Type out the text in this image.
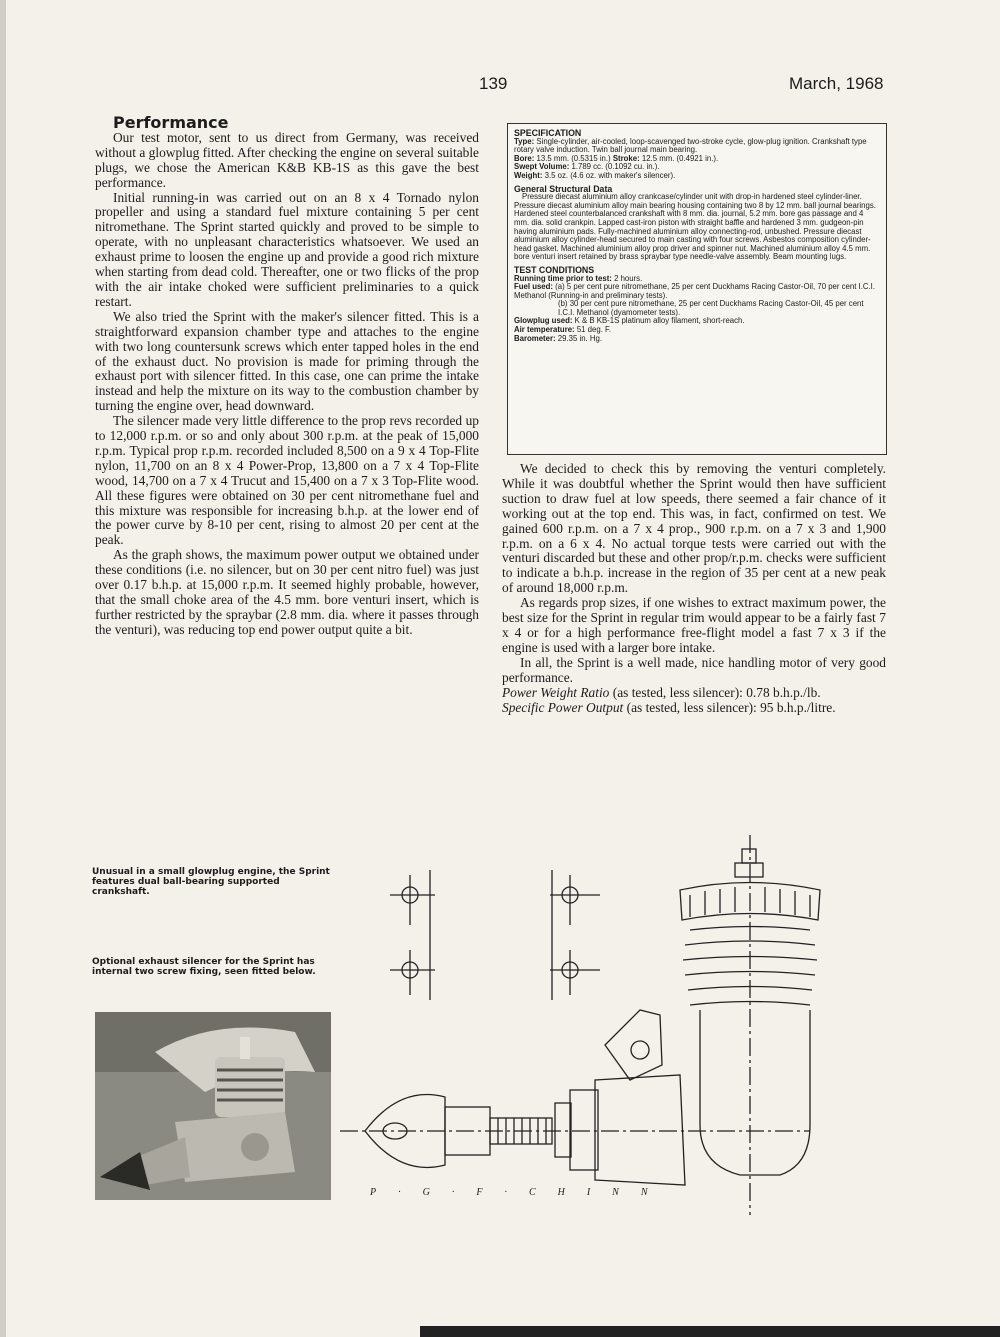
139	March, 1968

Performance

Our test motor, sent to us direct from Germany, was received without a glowplug fitted. After checking the engine on several suitable plugs, we chose the American K&B KB-1S as this gave the best performance.

Initial running-in was carried out on an 8 x 4 Tornado nylon propeller and using a standard fuel mixture containing 5 per cent nitromethane. The Sprint started quickly and proved to be simple to operate, with no unpleasant characteristics whatsoever. We used an exhaust prime to loosen the engine up and provide a good rich mixture when starting from dead cold. Thereafter, one or two flicks of the prop with the air intake choked were sufficient preliminaries to a quick restart.

We also tried the Sprint with the maker's silencer fitted. This is a straightforward expansion chamber type and attaches to the engine with two long countersunk screws which enter tapped holes in the end of the exhaust duct. No provision is made for priming through the exhaust port with silencer fitted. In this case, one can prime the intake instead and help the mixture on its way to the combustion chamber by turning the engine over, head downward.

The silencer made very little difference to the prop revs recorded up to 12,000 r.p.m. or so and only about 300 r.p.m. at the peak of 15,000 r.p.m. Typical prop r.p.m. recorded included 8,500 on a 9 x 4 Top-Flite nylon, 11,700 on an 8 x 4 Power-Prop, 13,800 on a 7 x 4 Top-Flite wood, 14,700 on a 7 x 4 Trucut and 15,400 on a 7 x 3 Top-Flite wood. All these figures were obtained on 30 per cent nitromethane fuel and this mixture was responsible for increasing b.h.p. at the lower end of the power curve by 8-10 per cent, rising to almost 20 per cent at the peak.

As the graph shows, the maximum power output we obtained under these conditions (i.e. no silencer, but on 30 per cent nitro fuel) was just over 0.17 b.h.p. at 15,000 r.p.m. It seemed highly probable, however, that the small choke area of the 4.5 mm. bore venturi insert, which is further restricted by the spraybar (2.8 mm. dia. where it passes through the venturi), was reducing top end power output quite a bit.

SPECIFICATION

Type: Single-cylinder, air-cooled, loop-scavenged two-stroke cycle, glow-plug ignition. Crankshaft type rotary valve induction. Twin ball journal main bearing.

Bore: 13.5 mm. (0.5315 in.) Stroke: 12.5 mm. (0.4921 in.).

Swept Volume: 1.789 cc. (0.1092 cu. in.).

Weight: 3.5 oz. (4.6 oz. with maker's silencer).

General Structural Data

Pressure diecast aluminium alloy crankcase/cylinder unit with drop-in hardened steel cylinder-liner. Pressure diecast aluminium alloy main bearing housing containing two 8 by 12 mm. ball journal bearings. Hardened steel counterbalanced crankshaft with 8 mm. dia. journal, 5.2 mm. bore gas passage and 4 mm. dia. solid crankpin. Lapped cast-iron piston with straight baffle and hardened 3 mm. gudgeon-pin having aluminium pads. Fully-machined aluminium alloy connecting-rod, unbushed. Pressure diecast aluminium alloy cylinder-head secured to main casting with four screws. Asbestos composition cylinder-head gasket. Machined aluminium alloy prop driver and spinner nut. Machined aluminium alloy 4.5 mm. bore venturi insert retained by brass spraybar type needle-valve assembly. Beam mounting lugs.

TEST CONDITIONS

Running time prior to test: 2 hours.

Fuel used: (a) 5 per cent pure nitromethane, 25 per cent Duckhams Racing Castor-Oil, 70 per cent I.C.I. Methanol (Running-in and preliminary tests).

(b) 30 per cent pure nitromethane, 25 per cent Duckhams Racing Castor-Oil, 45 per cent I.C.I. Methanol (dyamometer tests).

Glowplug used: K & B KB-1S platinum alloy filament, short-reach.

Air temperature: 51 deg. F.

Barometer: 29.35 in. Hg.

We decided to check this by removing the venturi completely. While it was doubtful whether the Sprint would then have sufficient suction to draw fuel at low speeds, there seemed a fair chance of it working out at the top end. This was, in fact, confirmed on test. We gained 600 r.p.m. on a 7 x 4 prop., 900 r.p.m. on a 7 x 3 and 1,900 r.p.m. on a 6 x 4. No actual torque tests were carried out with the venturi discarded but these and other prop/r.p.m. checks were sufficient to indicate a b.h.p. increase in the region of 35 per cent at a new peak of around 18,000 r.p.m.

As regards prop sizes, if one wishes to extract maximum power, the best size for the Sprint in regular trim would appear to be a fairly fast 7 x 4 or for a high performance free-flight model a fast 7 x 3 if the engine is used with a larger bore intake.

In all, the Sprint is a well made, nice handling motor of very good performance.

Power Weight Ratio (as tested, less silencer): 0.78 b.h.p./lb.

Specific Power Output (as tested, less silencer): 95 b.h.p./litre.

Unusual in a small glowplug engine, the Sprint features dual ball-bearing supported crankshaft.
Optional exhaust silencer for the Sprint has internal two screw fixing, seen fitted below.
P·G·F·CHINN
